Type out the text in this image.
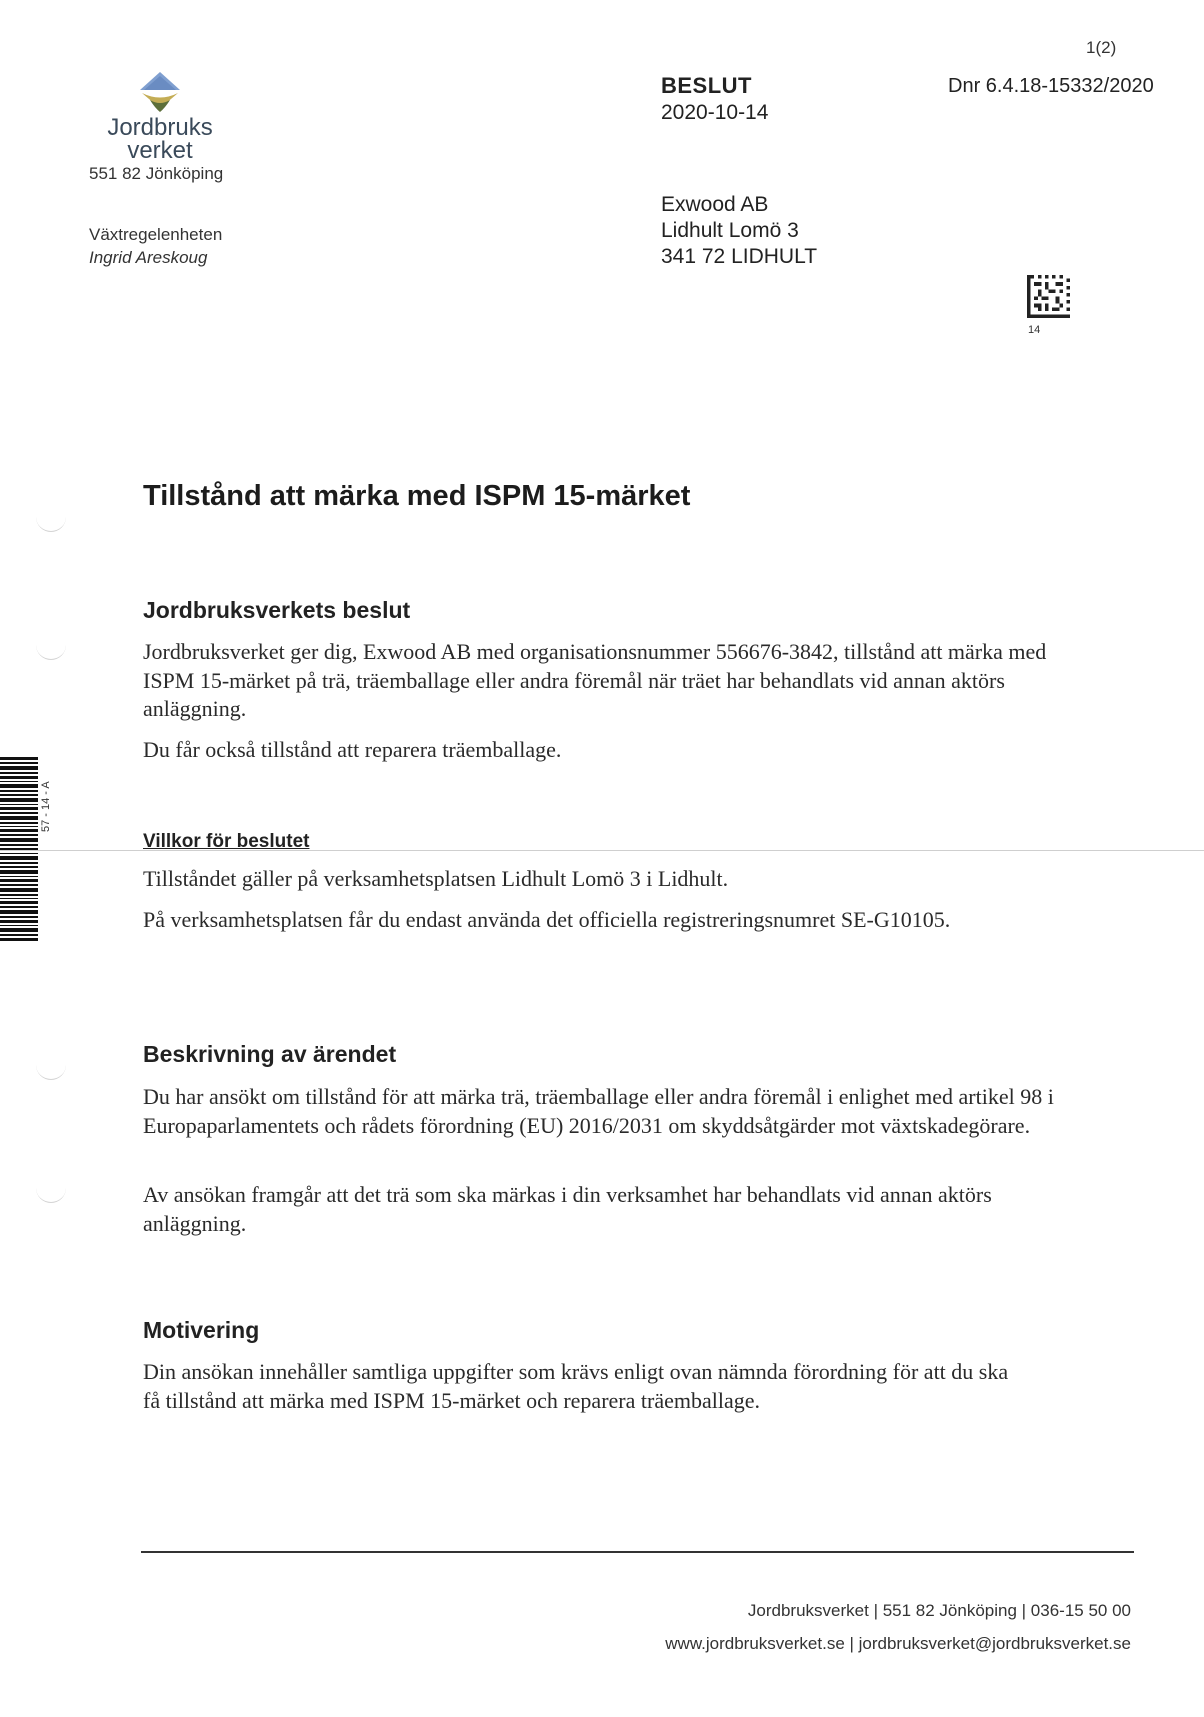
1(2)
Jordbruks
verket
551 82 Jönköping
Växtregelenheten
Ingrid Areskoug
BESLUT
2020-10-14
Dnr 6.4.18-15332/2020
Exwood AB
Lidhult Lomö 3
341 72 LIDHULT
14
57 - 14 - A
Tillstånd att märka med ISPM 15-märket
Jordbruksverkets beslut

Jordbruksverket ger dig, Exwood AB med organisationsnummer 556676-3842, tillstånd att märka med ISPM 15-märket på trä, träemballage eller andra föremål när träet har behandlats vid annan aktörs anläggning.

Du får också tillstånd att reparera träemballage.

Villkor för beslutet

Tillståndet gäller på verksamhetsplatsen Lidhult Lomö 3 i Lidhult.

På verksamhetsplatsen får du endast använda det officiella registreringsnumret SE-G10105.

Beskrivning av ärendet

Du har ansökt om tillstånd för att märka trä, träemballage eller andra föremål i enlighet med artikel 98 i Europaparlamentets och rådets förordning (EU) 2016/2031 om skyddsåtgärder mot växtskadegörare.

Av ansökan framgår att det trä som ska märkas i din verksamhet har behandlats vid annan aktörs anläggning.

Motivering

Din ansökan innehåller samtliga uppgifter som krävs enligt ovan nämnda förordning för att du ska få tillstånd att märka med ISPM 15-märket och reparera träemballage.

Jordbruksverket | 551 82 Jönköping | 036-15 50 00
www.jordbruksverket.se | jordbruksverket@jordbruksverket.se
